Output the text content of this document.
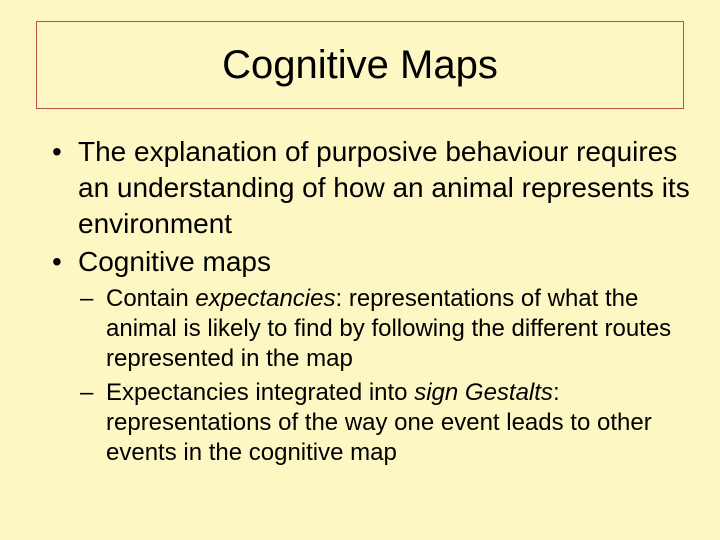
Cognitive Maps
• The explanation of purposive behaviour requires an understanding of how an animal represents its environment
• Cognitive maps
– Contain expectancies: representations of what the animal is likely to find by following the different routes represented in the map
– Expectancies integrated into sign Gestalts: representations of the way one event leads to other events in the cognitive map
